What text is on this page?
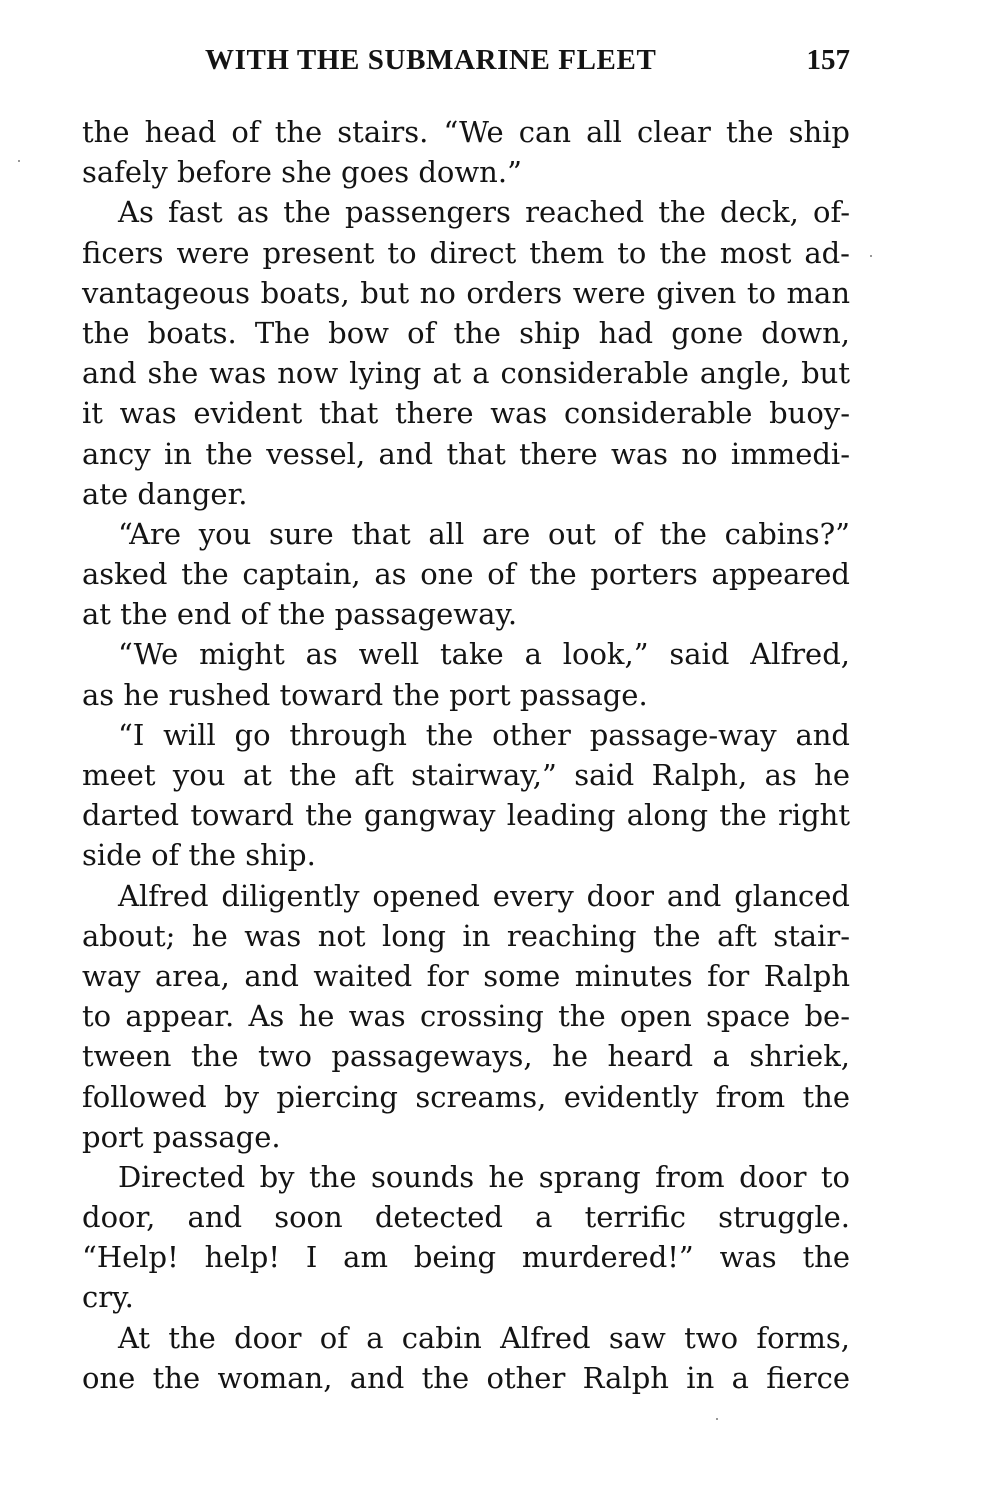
WITH THE SUBMARINE FLEET	157
the head of the stairs. “We can all clear the ship
safely before she goes down.”
As fast as the passengers reached the deck, of-
ficers were present to direct them to the most ad-
vantageous boats, but no orders were given to man
the boats. The bow of the ship had gone down,
and she was now lying at a considerable angle, but
it was evident that there was considerable buoy-
ancy in the vessel, and that there was no immedi-
ate danger.
“Are you sure that all are out of the cabins?”
asked the captain, as one of the porters appeared
at the end of the passageway.
“We might as well take a look,” said Alfred,
as he rushed toward the port passage.
“I will go through the other passage-way and
meet you at the aft stairway,” said Ralph, as he
darted toward the gangway leading along the right
side of the ship.
Alfred diligently opened every door and glanced
about; he was not long in reaching the aft stair-
way area, and waited for some minutes for Ralph
to appear. As he was crossing the open space be-
tween the two passageways, he heard a shriek,
followed by piercing screams, evidently from the
port passage.
Directed by the sounds he sprang from door to
door, and soon detected a terrific struggle.
“Help! help! I am being murdered!” was the
cry.
At the door of a cabin Alfred saw two forms,
one the woman, and the other Ralph in a fierce
